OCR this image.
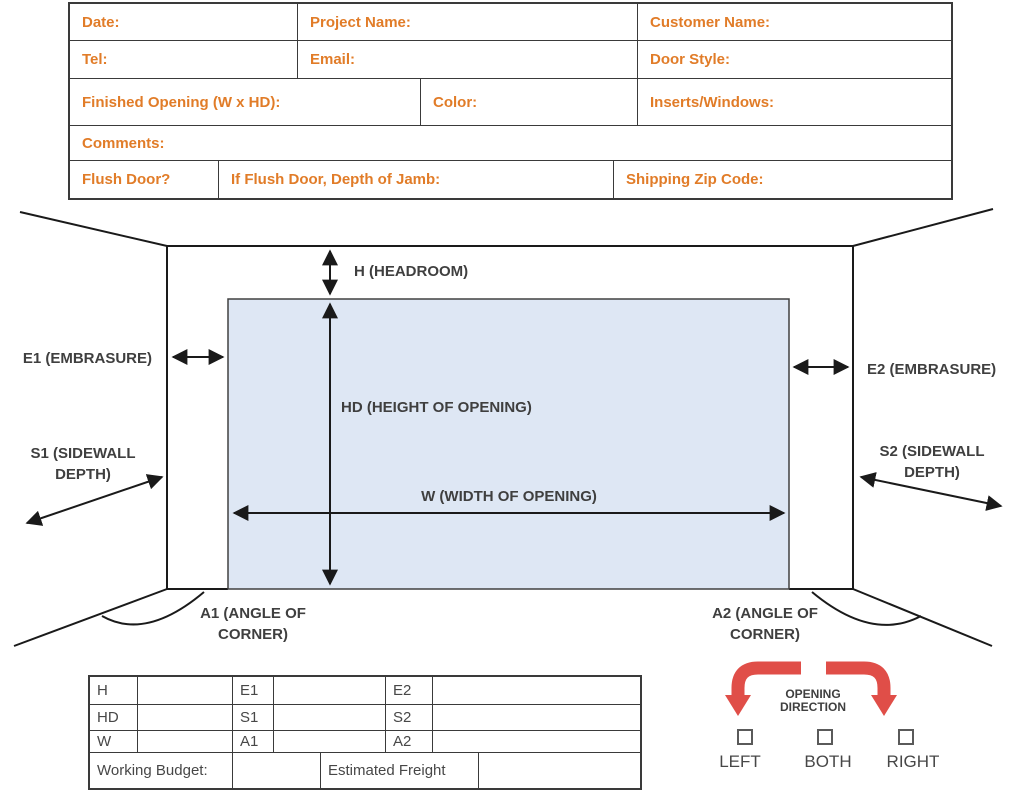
Date:	Project Name:	Customer Name:
Tel:	Email:	Door Style:
Finished Opening (W x HD):	Color:	Inserts/Windows:
Comments:
Flush Door?	If Flush Door, Depth of Jamb:	Shipping Zip Code:
H (HEADROOM)
E1 (EMBRASURE)
E2 (EMBRASURE)
HD (HEIGHT OF OPENING)
W (WIDTH OF OPENING)
S1 (SIDEWALL
DEPTH)
S2 (SIDEWALL
DEPTH)
A1 (ANGLE OF
CORNER)
A2 (ANGLE OF
CORNER)
H	E1	E2
HD	S1	S2
W	A1	A2
Working Budget:	Estimated Freight
OPENING
DIRECTION
LEFT	BOTH	RIGHT
